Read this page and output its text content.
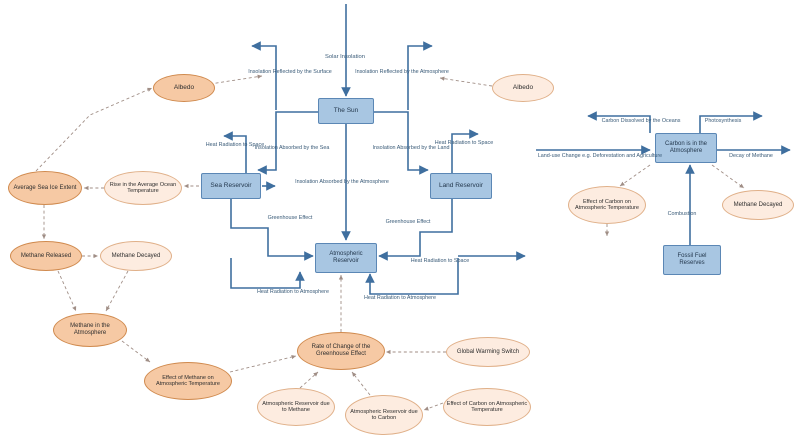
The Sun
Sea Reservoir	Land Reservoir
Atmospheric Reservoir
Carbon is in the Atmosphere
Fossil Fuel Reserves
Albedo	Albedo
Average Sea Ice Extent	Rise in the Average Ocean Temperature
Methane Released	Methane Decayed
Methane in the Atmosphere
Effect of Methane on Atmospheric Temperature
Rate of Change of the Greenhouse Effect	Global Warming Switch
Atmospheric Reservoir due to Methane	Atmospheric Reservoir due to Carbon
Effect of Carbon on Atmospheric Temperature
Effect of Carbon on Atmospheric Temperature
Methane Decayed
Solar Insolation
Insolation Reflected by the Surface	Insolation Reflected by the Atmosphere
Heat Radiation to Space	Heat Radiation to Space
Insolation Absorbed by the Sea	Insolation Absorbed by the Land
Insolation Absorbed by the Atmosphere
Greenhouse Effect
Greenhouse Effect
Heat Radiation to Space
Heat Radiation to Atmosphere
Heat Radiation to Atmosphere
Carbon Dissolved by the Oceans	Photosynthesis
Land-use Change e.g. Deforestation and Agriculture	Decay of Methane
Combustion
